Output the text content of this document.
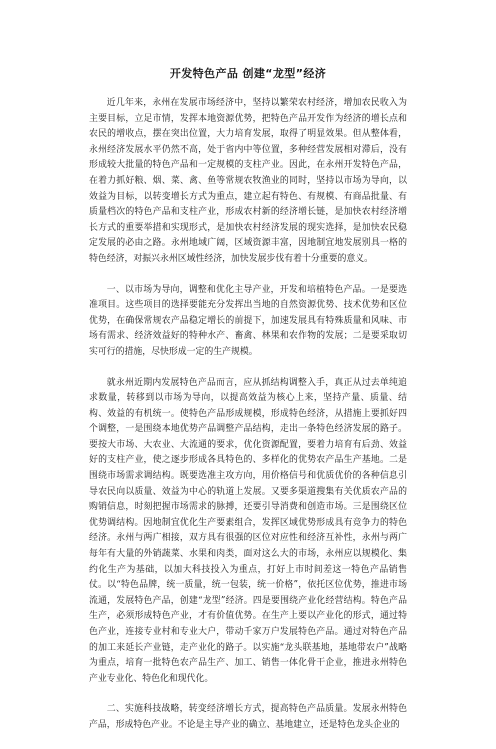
开发特色产品 创建“龙型”经济

近几年来，永州在发展市场经济中，坚持以繁荣农村经济，增加农民收入为主要目标，立足市情，发挥本地资源优势，把特色产品开发作为经济的增长点和农民的增收点，摆在突出位置，大力培育发展，取得了明显效果。但从整体看，永州经济发展水平仍然不高，处于省内中等位置，多种经营发展相对滞后，没有形成较大批量的特色产品和一定规模的支柱产业。因此，在永州开发特色产品，在着力抓好粮、烟、菜、禽、鱼等常规农牧渔业的同时，坚持以市场为导向，以效益为目标，以转变增长方式为重点，建立起有特色、有规模、有商品批量、有质量档次的特色产品和支柱产业，形成农村新的经济增长链，是加快农村经济增长方式的重要举措和实现形式，是加快农村经济发展的现实选择，是加快农民稳定发展的必由之路。永州地域广阔，区域资源丰富，因地制宜地发展别具一格的特色经济，对振兴永州区域性经济，加快发展步伐有着十分重要的意义。

一、以市场为导向，调整和优化主导产业，开发和培植特色产品。一是要选准项目。这些项目的选择要能充分发挥出当地的自然资源优势、技术优势和区位优势，在确保常规农产品稳定增长的前提下，加速发展具有特殊质量和风味、市场有需求、经济效益好的特种水产、畜禽、林果和农作物的发展；二是要采取切实可行的措施，尽快形成一定的生产规模。

就永州近期内发展特色产品而言，应从抓结构调整入手，真正从过去单纯追求数量，转移到以市场为导向，以提高效益为核心上来，坚持产量、质量、结构、效益的有机统一。使特色产品形成规模，形成特色经济，从措施上要抓好四个调整，一是围绕本地优势产品调整产品结构，走出一条特色经济发展的路子。要按大市场、大农业、大流通的要求，优化资源配置，要着力培育有后劲、效益好的支柱产业，使之逐步形成各具特色的、多样化的优势农产品生产基地。二是围绕市场需求调结构。既要选准主攻方向，用价格信号和优质优价的各种信息引导农民向以质量、效益为中心的轨道上发展。又要多渠道搜集有关优质农产品的购销信息，时刻把握市场需求的脉搏，还要引导消费和创造市场。三是围绕区位优势调结构。因地制宜优化生产要素组合，发挥区域优势形成具有竞争力的特色经济。永州与两广相接，双方具有很强的区位对应性和经济互补性，永州与两广每年有大量的外销蔬菜、水果和肉类，面对这么大的市场，永州应以规模化、集约化生产为基础，以加大科技投入为重点，打好上市时间差这一特色产品销售仗。以“特色品牌，统一质量，统一包装，统一价格”，依托区位优势，推进市场流通，发展特色产品，创建“龙型”经济。四是要围绕产业化经营结构。特色产品生产，必须形成特色产业，才有价值优势。在生产上要以产业化的形式，通过特色产业，连接专业村和专业大户，带动千家万户发展特色产品。通过对特色产品的加工来延长产业链，走产业化的路子。以实施“龙头联基地，基地带农户”战略为重点，培育一批特色农产品生产、加工、销售一体化骨干企业，推进永州特色产业专业化、特色化和现代化。

二、实施科技战略，转变经济增长方式，提高特色产品质量。发展永州特色产品，形成特色产业。不论是主导产业的确立、基地建立，还是特色龙头企业的
